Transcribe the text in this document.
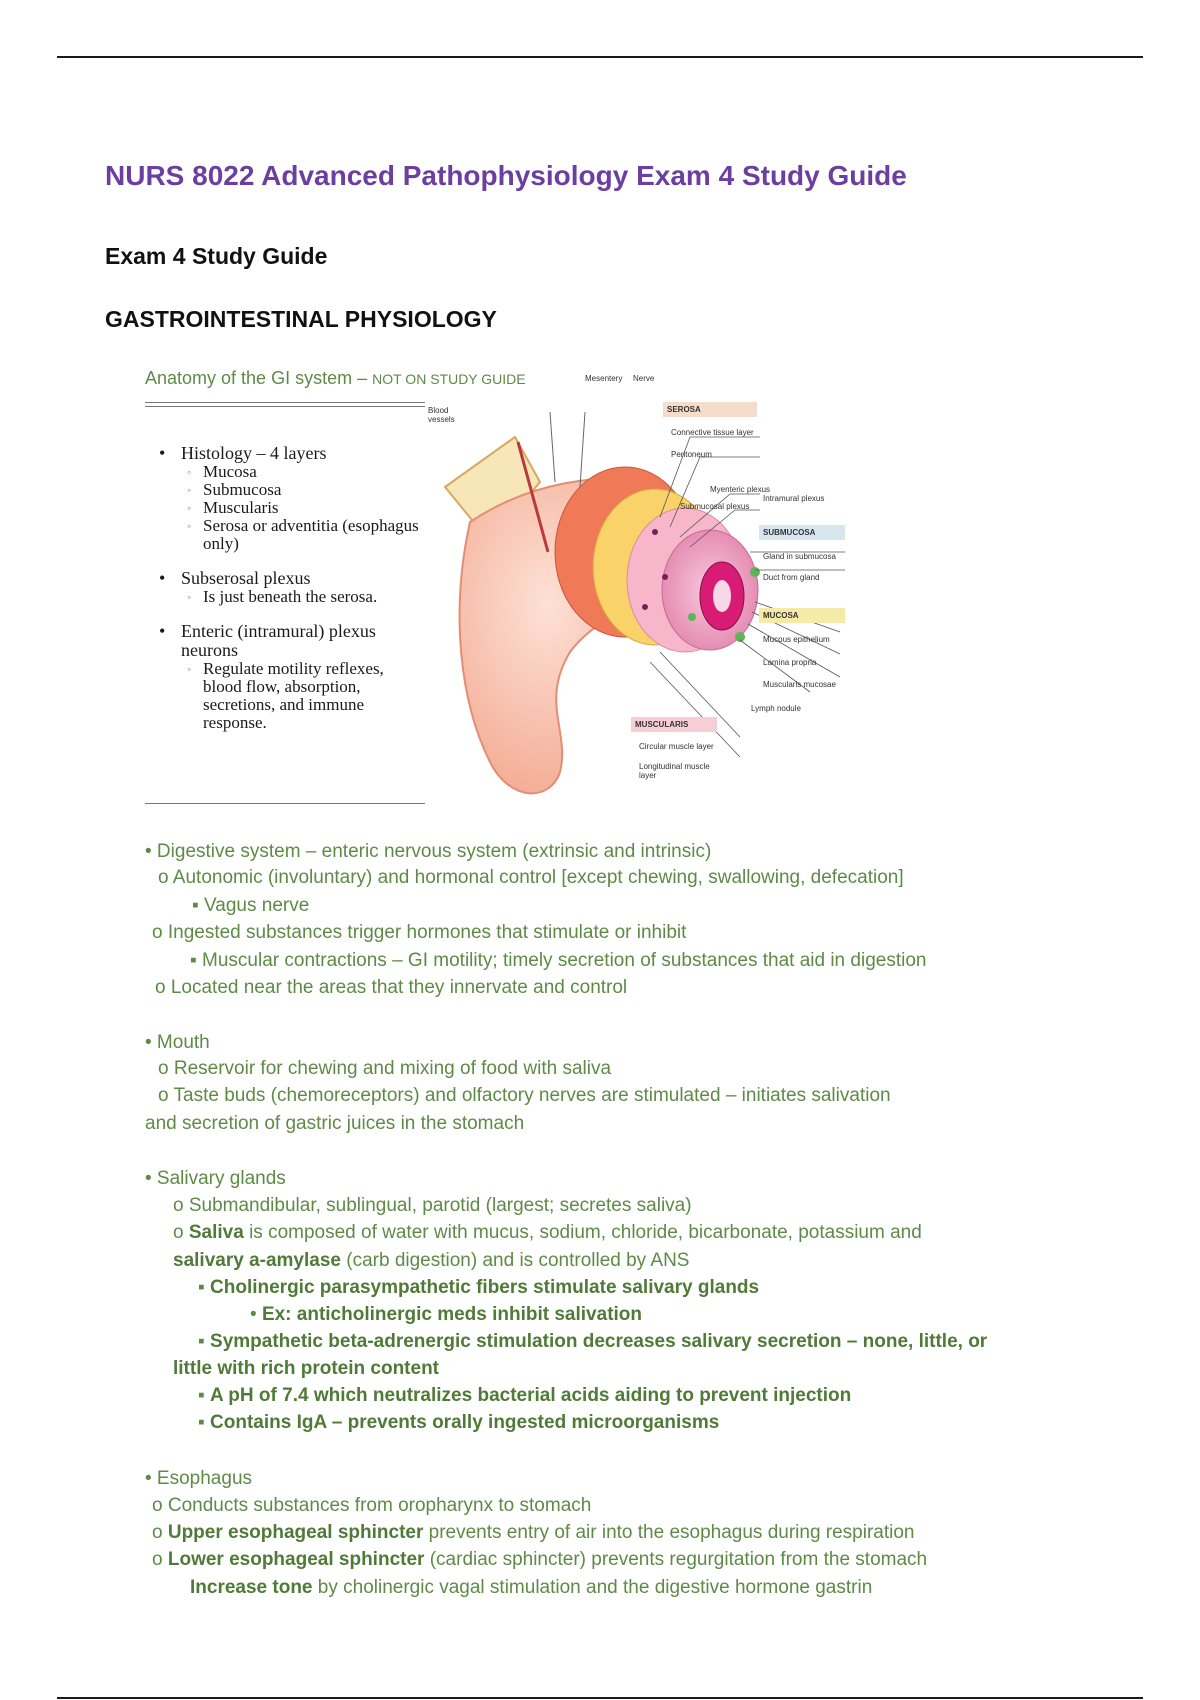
NURS 8022 Advanced Pathophysiology Exam 4 Study Guide
Exam 4 Study Guide
GASTROINTESTINAL PHYSIOLOGY
Anatomy of the GI system – NOT ON STUDY GUIDE
• Histology – 4 layers
◦ Mucosa
◦ Submucosa
◦ Muscularis
◦ Serosa or adventitia (esophagus only)
• Subserosal plexus
◦ Is just beneath the serosa.
• Enteric (intramural) plexus neurons
◦ Regulate motility reflexes, blood flow, absorption, secretions, and immune response.
Mesentery Nerve
Blood vessels
SEROSA
Connective tissue layer
Peritoneum
Myenteric plexus
Submucosal plexus
Intramural plexus
SUBMUCOSA
Gland in submucosa
Duct from gland
MUCOSA
Mucous epithelium
Lamina propria
Muscularis mucosae
Lymph nodule
MUSCULARIS
Circular muscle layer
Longitudinal muscle layer
• Digestive system – enteric nervous system (extrinsic and intrinsic)
o Autonomic (involuntary) and hormonal control [except chewing, swallowing, defecation]
▪ Vagus nerve
o Ingested substances trigger hormones that stimulate or inhibit
▪ Muscular contractions – GI motility; timely secretion of substances that aid in digestion
o Located near the areas that they innervate and control
• Mouth
o Reservoir for chewing and mixing of food with saliva
o Taste buds (chemoreceptors) and olfactory nerves are stimulated – initiates salivation
and secretion of gastric juices in the stomach
• Salivary glands
o Submandibular, sublingual, parotid (largest; secretes saliva)
o Saliva is composed of water with mucus, sodium, chloride, bicarbonate, potassium and
salivary a-amylase (carb digestion) and is controlled by ANS
▪ Cholinergic parasympathetic fibers stimulate salivary glands
• Ex: anticholinergic meds inhibit salivation
▪ Sympathetic beta-adrenergic stimulation decreases salivary secretion – none, little, or
little with rich protein content
▪ A pH of 7.4 which neutralizes bacterial acids aiding to prevent injection
▪ Contains IgA – prevents orally ingested microorganisms
• Esophagus
o Conducts substances from oropharynx to stomach
o Upper esophageal sphincter prevents entry of air into the esophagus during respiration
o Lower esophageal sphincter (cardiac sphincter) prevents regurgitation from the stomach
Increase tone by cholinergic vagal stimulation and the digestive hormone gastrin
